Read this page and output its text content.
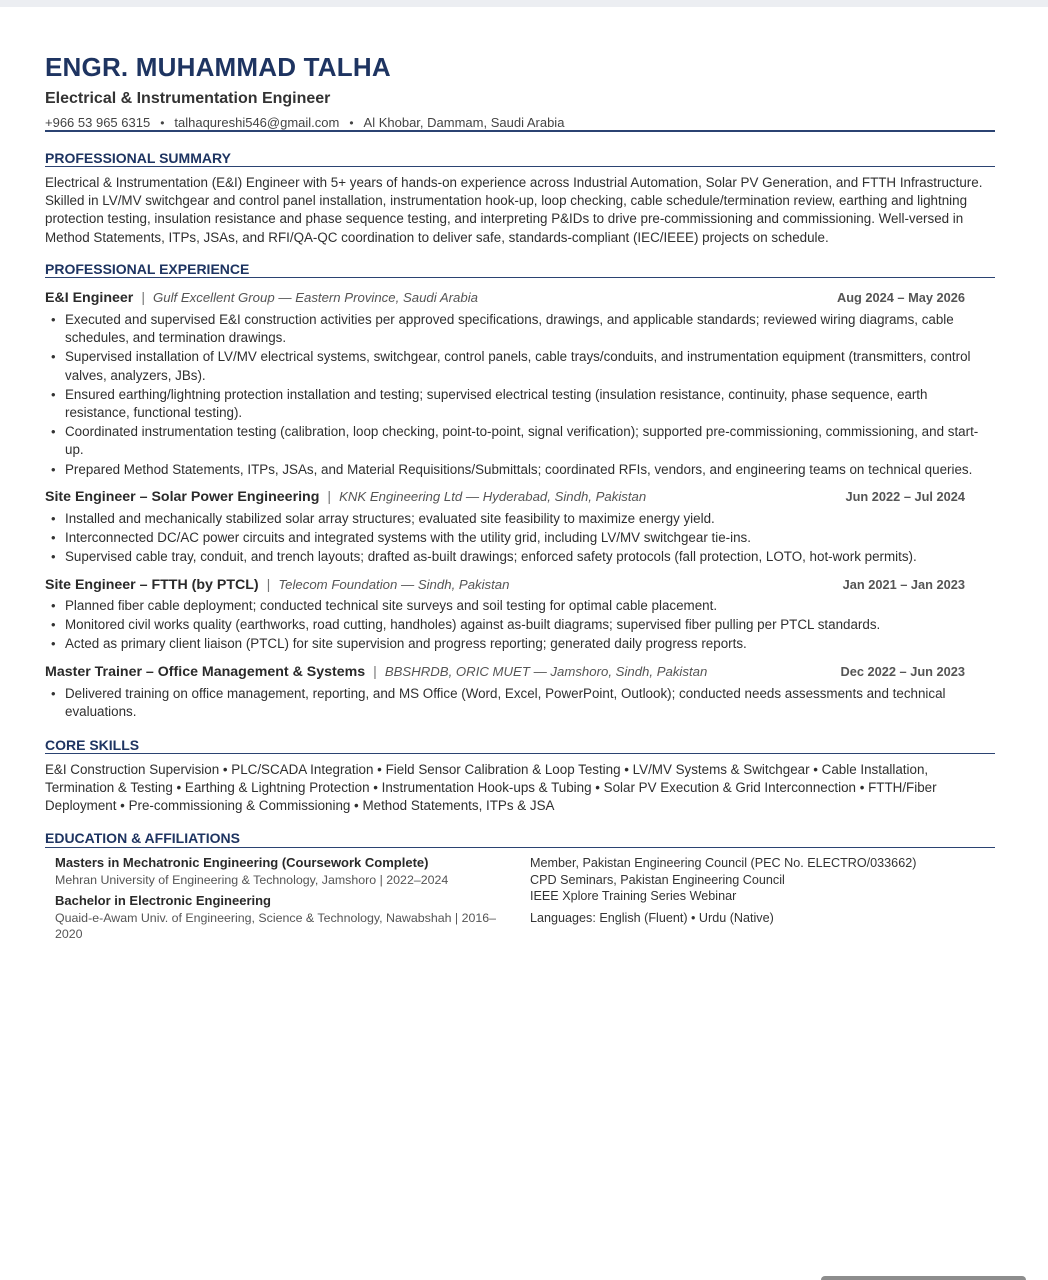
ENGR. MUHAMMAD TALHA
Electrical & Instrumentation Engineer
+966 53 965 6315 • talhaqureshi546@gmail.com • Al Khobar, Dammam, Saudi Arabia
PROFESSIONAL SUMMARY
Electrical & Instrumentation (E&I) Engineer with 5+ years of hands-on experience across Industrial Automation, Solar PV Generation, and FTTH Infrastructure. Skilled in LV/MV switchgear and control panel installation, instrumentation hook-up, loop checking, cable schedule/termination review, earthing and lightning protection testing, insulation resistance and phase sequence testing, and interpreting P&IDs to drive pre-commissioning and commissioning. Well-versed in Method Statements, ITPs, JSAs, and RFI/QA-QC coordination to deliver safe, standards-compliant (IEC/IEEE) projects on schedule.
PROFESSIONAL EXPERIENCE
E&I Engineer | Gulf Excellent Group — Eastern Province, Saudi Arabia	Aug 2024 – May 2026
• Executed and supervised E&I construction activities per approved specifications, drawings, and applicable standards; reviewed wiring diagrams, cable schedules, and termination drawings.
• Supervised installation of LV/MV electrical systems, switchgear, control panels, cable trays/conduits, and instrumentation equipment (transmitters, control valves, analyzers, JBs).
• Ensured earthing/lightning protection installation and testing; supervised electrical testing (insulation resistance, continuity, phase sequence, earth resistance, functional testing).
• Coordinated instrumentation testing (calibration, loop checking, point-to-point, signal verification); supported pre-commissioning, commissioning, and start-up.
• Prepared Method Statements, ITPs, JSAs, and Material Requisitions/Submittals; coordinated RFIs, vendors, and engineering teams on technical queries.
Site Engineer – Solar Power Engineering | KNK Engineering Ltd — Hyderabad, Sindh, Pakistan	Jun 2022 – Jul 2024
• Installed and mechanically stabilized solar array structures; evaluated site feasibility to maximize energy yield.
• Interconnected DC/AC power circuits and integrated systems with the utility grid, including LV/MV switchgear tie-ins.
• Supervised cable tray, conduit, and trench layouts; drafted as-built drawings; enforced safety protocols (fall protection, LOTO, hot-work permits).
Site Engineer – FTTH (by PTCL) | Telecom Foundation — Sindh, Pakistan	Jan 2021 – Jan 2023
• Planned fiber cable deployment; conducted technical site surveys and soil testing for optimal cable placement.
• Monitored civil works quality (earthworks, road cutting, handholes) against as-built diagrams; supervised fiber pulling per PTCL standards.
• Acted as primary client liaison (PTCL) for site supervision and progress reporting; generated daily progress reports.
Master Trainer – Office Management & Systems | BBSHRDB, ORIC MUET — Jamshoro, Sindh, Pakistan	Dec 2022 – Jun 2023
• Delivered training on office management, reporting, and MS Office (Word, Excel, PowerPoint, Outlook); conducted needs assessments and technical evaluations.
CORE SKILLS
E&I Construction Supervision • PLC/SCADA Integration • Field Sensor Calibration & Loop Testing • LV/MV Systems & Switchgear • Cable Installation, Termination & Testing • Earthing & Lightning Protection • Instrumentation Hook-ups & Tubing • Solar PV Execution & Grid Interconnection • FTTH/Fiber Deployment • Pre-commissioning & Commissioning • Method Statements, ITPs & JSA
EDUCATION & AFFILIATIONS
Masters in Mechatronic Engineering (Coursework Complete)
Mehran University of Engineering & Technology, Jamshoro | 2022–2024
Bachelor in Electronic Engineering
Quaid-e-Awam Univ. of Engineering, Science & Technology, Nawabshah | 2016–2020
Member, Pakistan Engineering Council (PEC No. ELECTRO/033662)
CPD Seminars, Pakistan Engineering Council
IEEE Xplore Training Series Webinar
Languages: English (Fluent) • Urdu (Native)
